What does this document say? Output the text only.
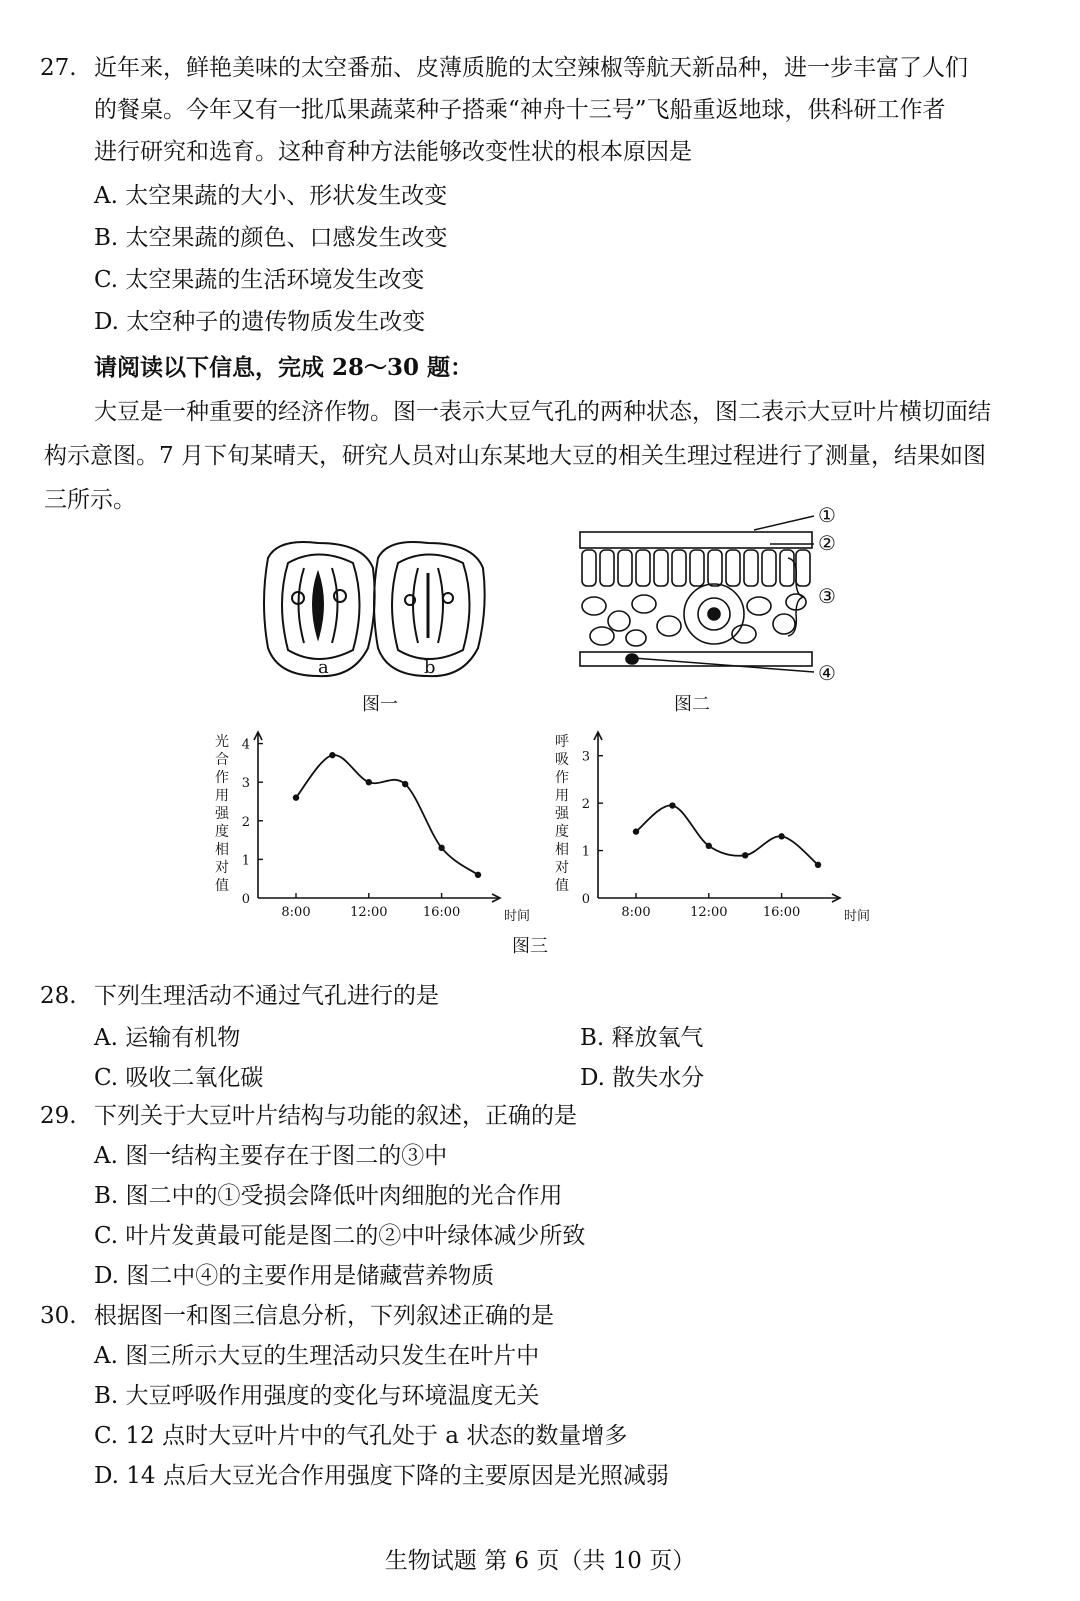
27. 近年来，鲜艳美味的太空番茄、皮薄质脆的太空辣椒等航天新品种，进一步丰富了人们
的餐桌。今年又有一批瓜果蔬菜种子搭乘“神舟十三号”飞船重返地球，供科研工作者
进行研究和选育。这种育种方法能够改变性状的根本原因是
A. 太空果蔬的大小、形状发生改变
B. 太空果蔬的颜色、口感发生改变
C. 太空果蔬的生活环境发生改变
D. 太空种子的遗传物质发生改变
请阅读以下信息，完成 28～30 题：
大豆是一种重要的经济作物。图一表示大豆气孔的两种状态，图二表示大豆叶片横切面结
构示意图。7 月下旬某晴天，研究人员对山东某地大豆的相关生理过程进行了测量，结果如图
三所示。
a	b
图一
①
②
③
④
图二
光
合
作
用
强
度
相
对
值
0
1
2
3
4
8:00	12:00	16:00	时间
呼
吸
作
用
强
度
相
对
值
0
1
2
3
8:00	12:00	16:00	时间
图三
28. 下列生理活动不通过气孔进行的是
A. 运输有机物	B. 释放氧气
C. 吸收二氧化碳	D. 散失水分
29. 下列关于大豆叶片结构与功能的叙述，正确的是
A. 图一结构主要存在于图二的③中
B. 图二中的①受损会降低叶肉细胞的光合作用
C. 叶片发黄最可能是图二的②中叶绿体减少所致
D. 图二中④的主要作用是储藏营养物质
30. 根据图一和图三信息分析，下列叙述正确的是
A. 图三所示大豆的生理活动只发生在叶片中
B. 大豆呼吸作用强度的变化与环境温度无关
C. 12 点时大豆叶片中的气孔处于 a 状态的数量增多
D. 14 点后大豆光合作用强度下降的主要原因是光照减弱
生物试题 第 6 页（共 10 页）
